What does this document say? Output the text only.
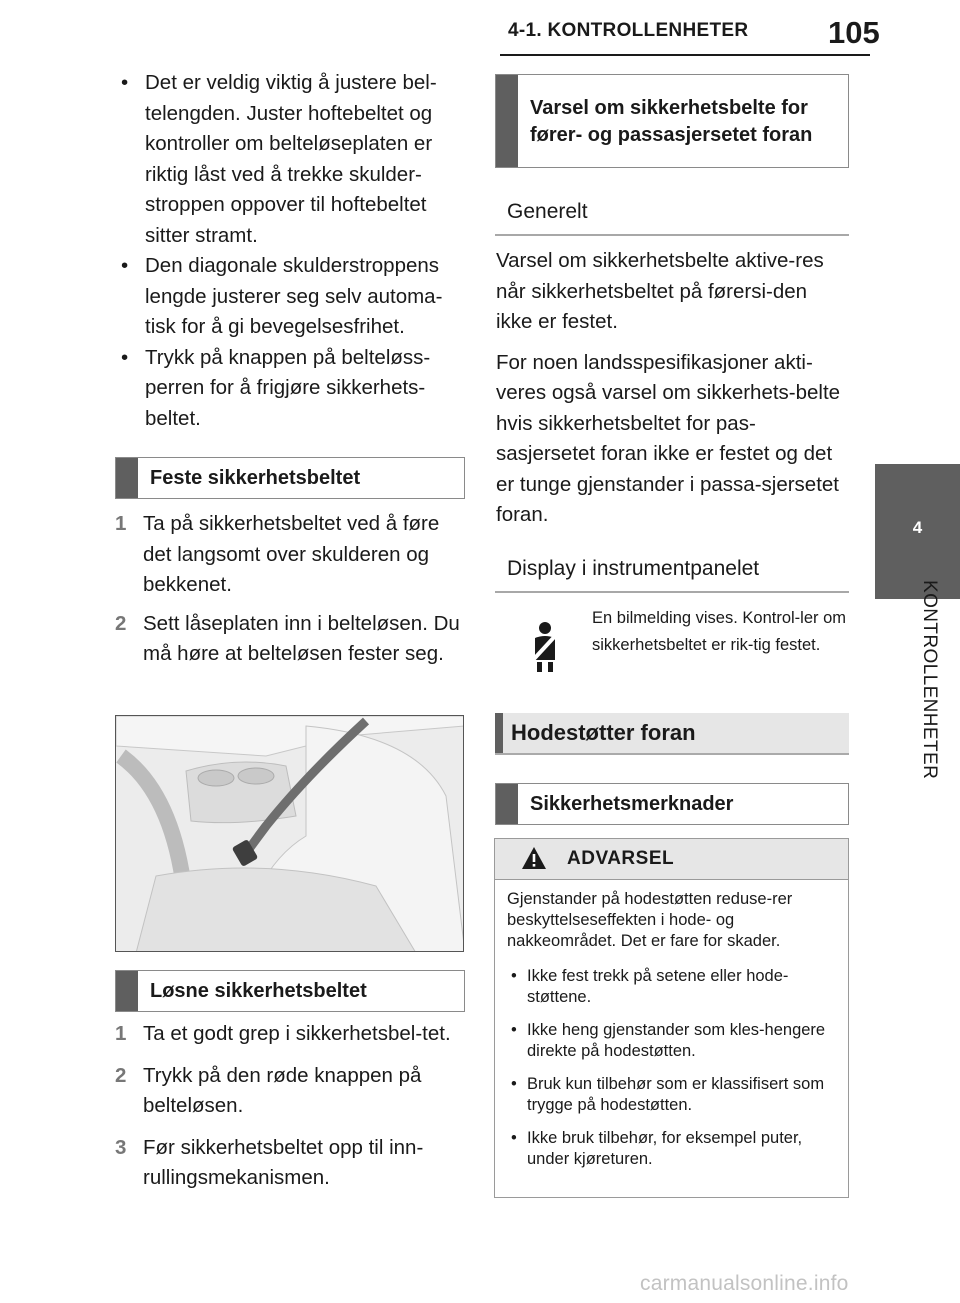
4-1. KONTROLLENHETER	105
4
KONTROLLENHETER
• Det er veldig viktig å justere bel-telengden. Juster hoftebeltet og kontroller om belteløseplaten er riktig låst ved å trekke skulder-stroppen oppover til hoftebeltet sitter stramt.
• Den diagonale skulderstroppens lengde justerer seg selv automa-tisk for å gi bevegelsesfrihet.
• Trykk på knappen på belteløss-perren for å frigjøre sikkerhets-beltet.
Feste sikkerhetsbeltet
1 Ta på sikkerhetsbeltet ved å føre det langsomt over skulderen og bekkenet.
2 Sett låseplaten inn i belteløsen. Du må høre at belteløsen fester seg.
Løsne sikkerhetsbeltet
1 Ta et godt grep i sikkerhetsbel-tet.
2 Trykk på den røde knappen på belteløsen.
3 Før sikkerhetsbeltet opp til inn-rullingsmekanismen.
Varsel om sikkerhetsbelte for fører- og passasjersetet foran
Generelt

Varsel om sikkerhetsbelte aktive-res når sikkerhetsbeltet på førersi-den ikke er festet.

For noen landsspesifikasjoner akti-veres også varsel om sikkerhets-belte hvis sikkerhetsbeltet for pas-sasjersetet foran ikke er festet og det er tunge gjenstander i passa-sjersetet foran.

Display i instrumentpanelet
En bilmelding vises. Kontrol-ler om sikkerhetsbeltet er rik-tig festet.
Hodestøtter foran
Sikkerhetsmerknader
ADVARSEL
Gjenstander på hodestøtten reduse-rer beskyttelseseffekten i hode- og nakkeområdet. Det er fare for skader.
• Ikke fest trekk på setene eller hode-støttene.
• Ikke heng gjenstander som kles-hengere direkte på hodestøtten.
• Bruk kun tilbehør som er klassifisert som trygge på hodestøtten.
• Ikke bruk tilbehør, for eksempel puter, under kjøreturen.
carmanualsonline.info
